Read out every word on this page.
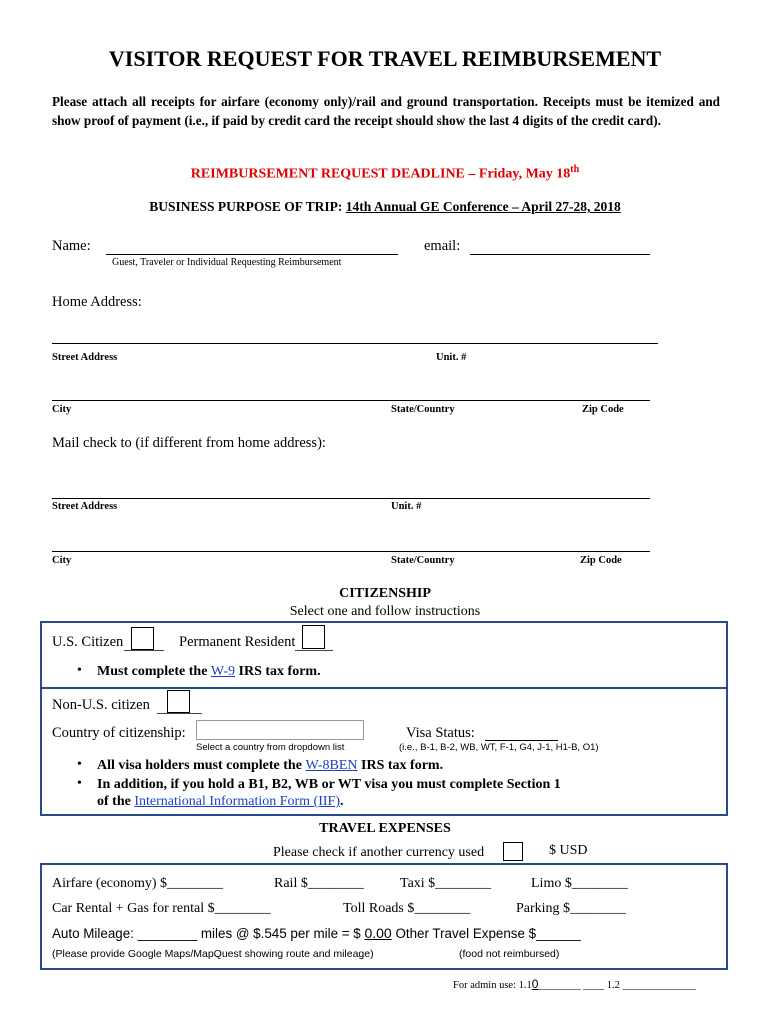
VISITOR REQUEST FOR TRAVEL REIMBURSEMENT
Please attach all receipts for airfare (economy only)/rail and ground transportation. Receipts must be itemized and show proof of payment (i.e., if paid by credit card the receipt should show the last 4 digits of the credit card).
REIMBURSEMENT REQUEST DEADLINE – Friday, May 18th
BUSINESS PURPOSE OF TRIP: 14th Annual GE Conference – April 27-28, 2018
Name:
Guest, Traveler or Individual Requesting Reimbursement
email:
Home Address:
Street Address	Unit. #
City	State/Country	Zip Code
Mail check to (if different from home address):
Street Address	Unit. #
City	State/Country	Zip Code
CITIZENSHIP
Select one and follow instructions
U.S. Citizen	Permanent Resident
• Must complete the W-9 IRS tax form.
Non-U.S. citizen
Country of citizenship:
Select a country from dropdown list
Visa Status:
(i.e., B-1, B-2, WB, WT, F-1, G4, J-1, H1-B, O1)
• All visa holders must complete the W-8BEN IRS tax form.
• In addition, if you hold a B1, B2, WB or WT visa you must complete Section 1
of the International Information Form (IIF).
TRAVEL EXPENSES
Please check if another currency used	$ USD
Airfare (economy) $________	Rail $________	Taxi $________	Limo $________
Car Rental + Gas for rental $________	Toll Roads $________	Parking $________
Auto Mileage: ________ miles @ $.545 per mile = $ 0.00 Other Travel Expense $______
(Please provide Google Maps/MapQuest showing route and mileage)	(food not reimbursed)
For admin use: 1.10________ ____ 1.2 ______________
